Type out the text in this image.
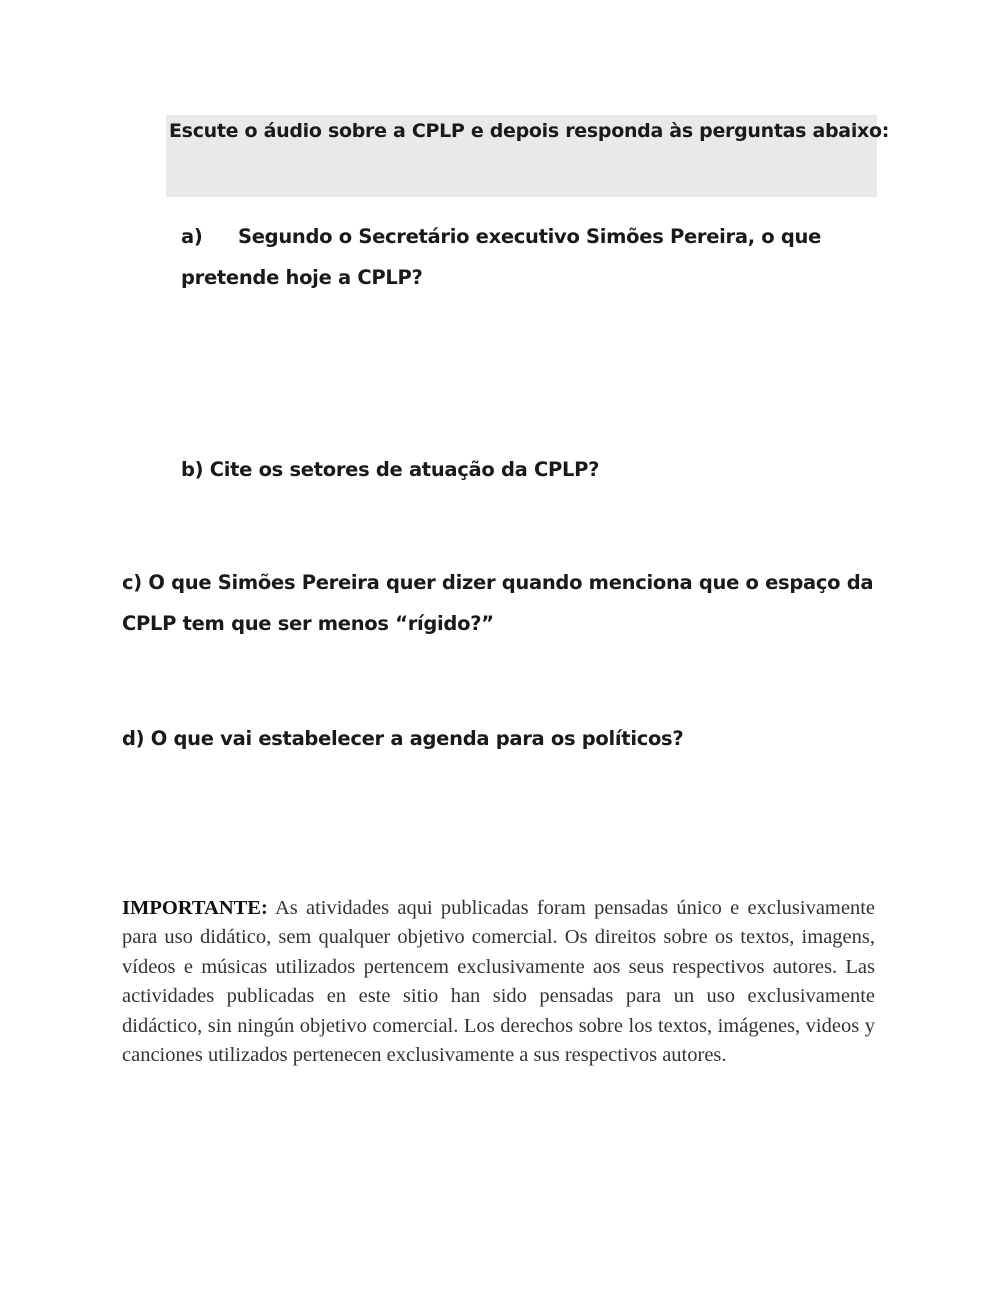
Escute o áudio sobre a CPLP e depois responda às perguntas abaixo:
a) Segundo o Secretário executivo Simões Pereira, o que pretende hoje a CPLP?
b) Cite os setores de atuação da CPLP?
c) O que Simões Pereira quer dizer quando menciona que o espaço da CPLP tem que ser menos “rígido?”
d) O que vai estabelecer a agenda para os políticos?
IMPORTANTE: As atividades aqui publicadas foram pensadas único e exclusivamente para uso didático, sem qualquer objetivo comercial. Os direitos sobre os textos, imagens, vídeos e músicas utilizados pertencem exclusivamente aos seus respectivos autores. Las actividades publicadas en este sitio han sido pensadas para un uso exclusivamente didáctico, sin ningún objetivo comercial. Los derechos sobre los textos, imágenes, videos y canciones utilizados pertenecen exclusivamente a sus respectivos autores.
